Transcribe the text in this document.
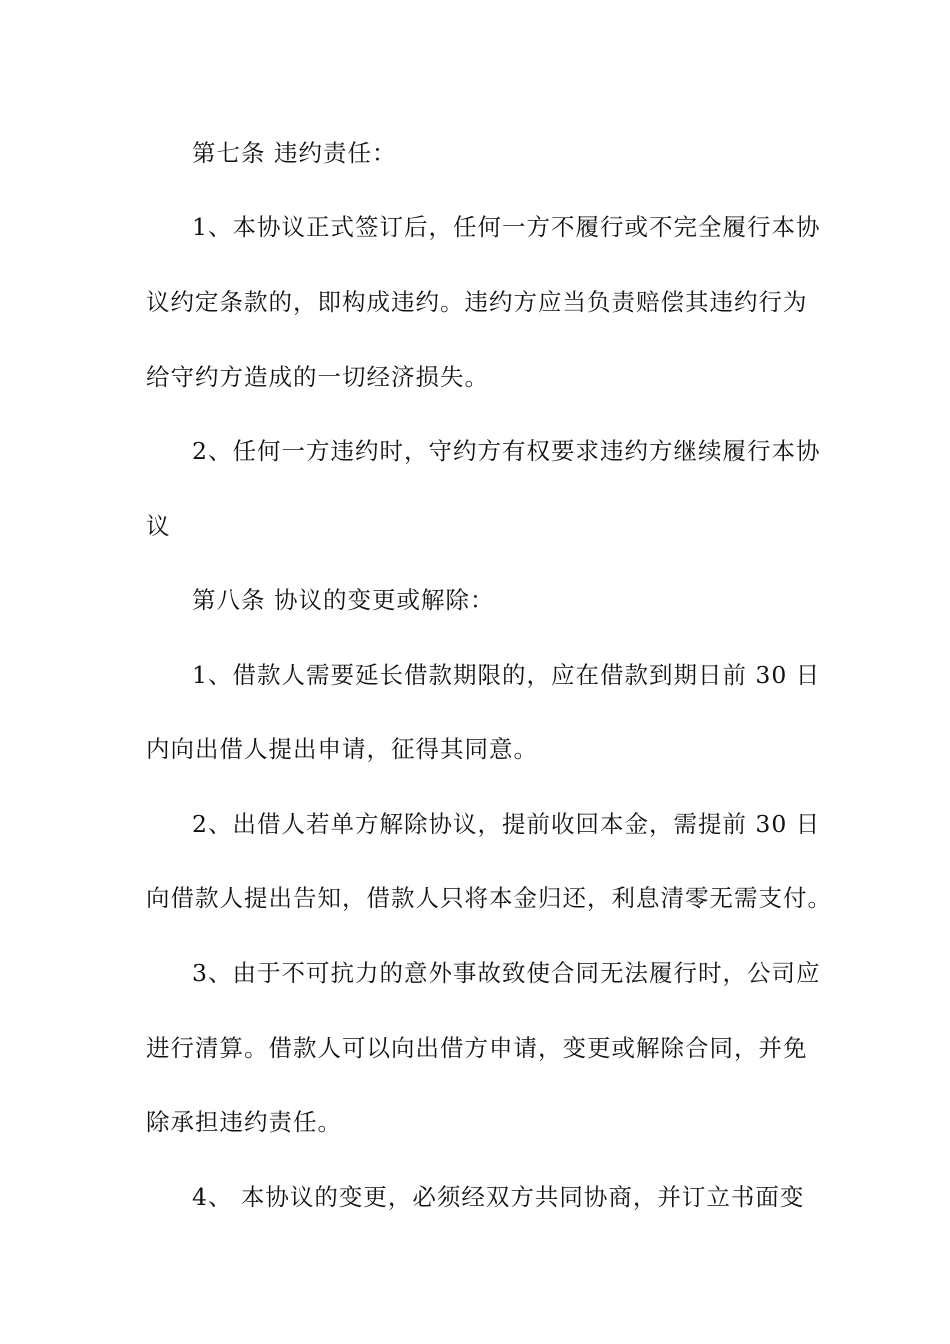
第七条 违约责任：
1、本协议正式签订后，任何一方不履行或不完全履行本协
议约定条款的，即构成违约。违约方应当负责赔偿其违约行为
给守约方造成的一切经济损失。
2、任何一方违约时，守约方有权要求违约方继续履行本协
议
第八条 协议的变更或解除：
1、借款人需要延长借款期限的，应在借款到期日前 30 日
内向出借人提出申请，征得其同意。
2、出借人若单方解除协议，提前收回本金，需提前 30 日
向借款人提出告知，借款人只将本金归还，利息清零无需支付。
3、由于不可抗力的意外事故致使合同无法履行时，公司应
进行清算。借款人可以向出借方申请，变更或解除合同，并免
除承担违约责任。
4、 本协议的变更，必须经双方共同协商，并订立书面变
